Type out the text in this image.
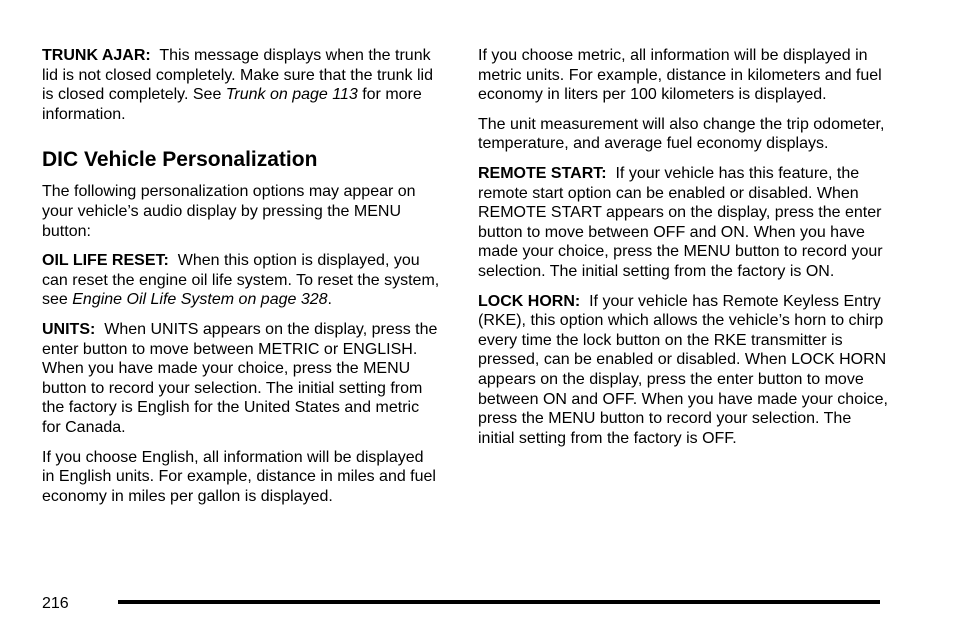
TRUNK AJAR: This message displays when the trunk lid is not closed completely. Make sure that the trunk lid is closed completely. See Trunk on page 113 for more information.

DIC Vehicle Personalization

The following personalization options may appear on your vehicle’s audio display by pressing the MENU button:

OIL LIFE RESET: When this option is displayed, you can reset the engine oil life system. To reset the system, see Engine Oil Life System on page 328.

UNITS: When UNITS appears on the display, press the enter button to move between METRIC or ENGLISH. When you have made your choice, press the MENU button to record your selection. The initial setting from the factory is English for the United States and metric for Canada.

If you choose English, all information will be displayed in English units. For example, distance in miles and fuel economy in miles per gallon is displayed.

If you choose metric, all information will be displayed in metric units. For example, distance in kilometers and fuel economy in liters per 100 kilometers is displayed.

The unit measurement will also change the trip odometer, temperature, and average fuel economy displays.

REMOTE START: If your vehicle has this feature, the remote start option can be enabled or disabled. When REMOTE START appears on the display, press the enter button to move between OFF and ON. When you have made your choice, press the MENU button to record your selection. The initial setting from the factory is ON.

LOCK HORN: If your vehicle has Remote Keyless Entry (RKE), this option which allows the vehicle’s horn to chirp every time the lock button on the RKE transmitter is pressed, can be enabled or disabled. When LOCK HORN appears on the display, press the enter button to move between ON and OFF. When you have made your choice, press the MENU button to record your selection. The initial setting from the factory is OFF.

216
